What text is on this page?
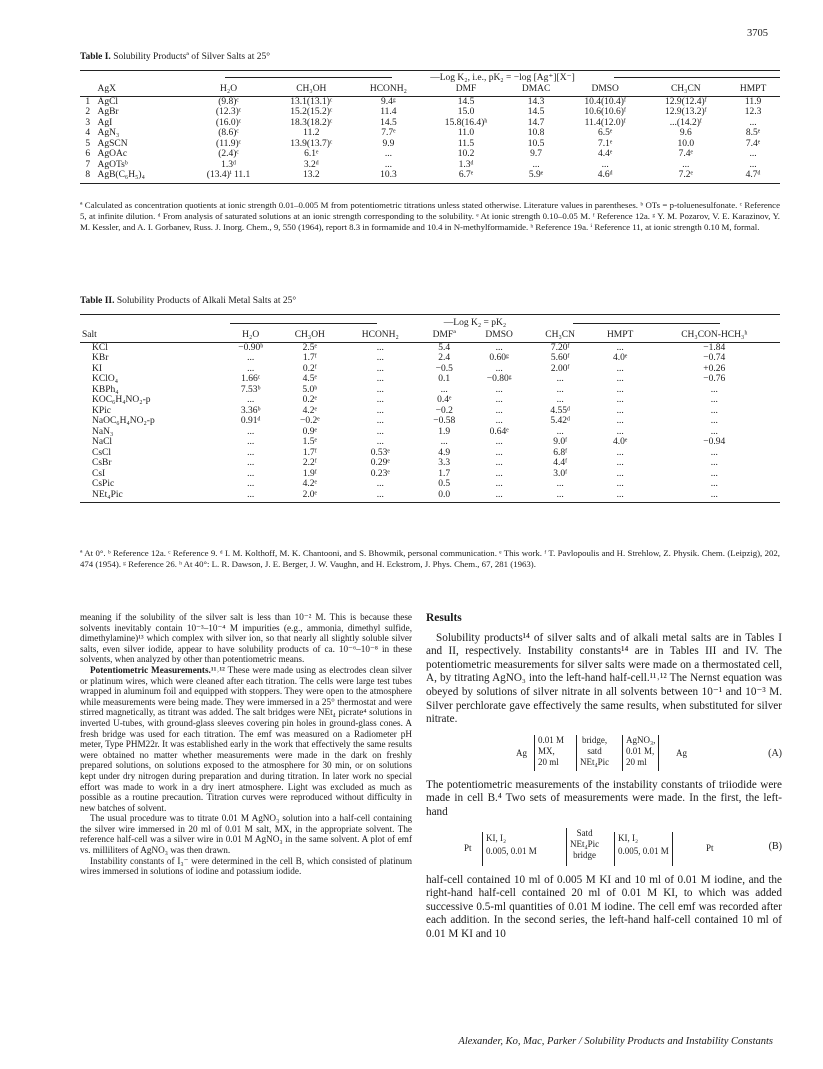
3705
Table I. Solubility Productsª of Silver Salts at 25°
—Log K₂, i.e., pK₂ = −log [Ag⁺][X⁻]
	AgX	H₂O	CH₃OH	HCONH₂	DMF	DMAC	DMSO	CH₃CN	HMPT
1	AgCl	(9.8)ᶜ	13.1(13.1)ᶜ	9.4ᵍ	14.5	14.3	10.4(10.4)ᶠ	12.9(12.4)ᶠ	11.9
2	AgBr	(12.3)ᶜ	15.2(15.2)ᶜ	11.4	15.0	14.5	10.6(10.6)ᶠ	12.9(13.2)ᶠ	12.3
3	AgI	(16.0)ᶜ	18.3(18.2)ᶜ	14.5	15.8(16.4)ʰ	14.7	11.4(12.0)ᶠ	...(14.2)ᶠ	...
4	AgN₃	(8.6)ᶜ	11.2	7.7ᵉ	11.0	10.8	6.5ᵉ	9.6	8.5ᵉ
5	AgSCN	(11.9)ᶜ	13.9(13.7)ᶜ	9.9	11.5	10.5	7.1ᵉ	10.0	7.4ᵉ
6	AgOAc	(2.4)ᶜ	6.1ᵉ	...	10.2	9.7	4.4ᵉ	7.4ᵉ	...
7	AgOTsᵇ	1.3ᵈ	3.2ᵈ	...	1.3ᵈ	...	...	...	...
8	AgB(C₆H₅)₄	(13.4)ⁱ 11.1	13.2	10.3	6.7ᵉ	5.9ᵉ	4.6ᵈ	7.2ᵉ	4.7ᵈ
ª Calculated as concentration quotients at ionic strength 0.01–0.005 M from potentiometric titrations unless stated otherwise. Literature values in parentheses. ᵇ OTs = p-toluenesulfonate. ᶜ Reference 5, at infinite dilution. ᵈ From analysis of saturated solutions at an ionic strength corresponding to the solubility. ᵉ At ionic strength 0.10–0.05 M. ᶠ Reference 12a. ᵍ Y. M. Pozarov, V. E. Karazinov, Y. M. Kessler, and A. I. Gorbanev, Russ. J. Inorg. Chem., 9, 550 (1964), report 8.3 in formamide and 10.4 in N-methylformamide. ʰ Reference 19a. ⁱ Reference 11, at ionic strength 0.10 M, formal.
Table II. Solubility Products of Alkali Metal Salts at 25°
—Log K₂ = pK₂
Salt	H₂O	CH₃OH	HCONH₂	DMFª	DMSO	CH₃CN	HMPT	CH₃CON-HCH₃ʰ
KCl	−0.90ᵇ	2.5ᵉ	...	5.4	...	7.20ᶠ	...	−1.84
KBr	...	1.7ᶠ	...	2.4	0.60ᵍ	5.60ᶠ	4.0ᵉ	−0.74
KI	...	0.2ᶠ	...	−0.5	...	2.00ᶠ	...	+0.26
KClO₄	1.66ᶜ	4.5ᵉ	...	0.1	−0.80ᵍ	...	...	−0.76
KBPh₄	7.53ᵇ	5.0ᵇ	...	...	...	...	...	...
KOC₆H₄NO₂-p	...	0.2ᵉ	...	0.4ᵉ	...	...	...	...
KPic	3.36ᵇ	4.2ᵉ	...	−0.2	...	4.55ᵈ	...	...
NaOC₆H₄NO₂-p	0.91ᵈ	−0.2ᵉ	...	−0.58	...	5.42ᵈ	...	...
NaN₃	...	0.9ᵉ	...	1.9	0.64ᵉ	...	...	...
NaCl	...	1.5ᵉ	...	...	...	9.0ᶠ	4.0ᵉ	−0.94
CsCl	...	1.7ᶠ	0.53ᵉ	4.9	...	6.8ᶠ	...	...
CsBr	...	2.2ᶠ	0.29ᵉ	3.3	...	4.4ᶠ	...	...
CsI	...	1.9ᶠ	0.23ᵉ	1.7	...	3.0ᶠ	...	...
CsPic	...	4.2ᵉ	...	0.5	...	...	...	...
NEt₄Pic	...	2.0ᵉ	...	0.0	...	...	...	...
ª At 0°. ᵇ Reference 12a. ᶜ Reference 9. ᵈ I. M. Kolthoff, M. K. Chantooni, and S. Bhowmik, personal communication. ᵉ This work. ᶠ T. Pavlopoulis and H. Strehlow, Z. Physik. Chem. (Leipzig), 202, 474 (1954). ᵍ Reference 26. ʰ At 40°: L. R. Dawson, J. E. Berger, J. W. Vaughn, and H. Eckstrom, J. Phys. Chem., 67, 281 (1963).

meaning if the solubility of the silver salt is less than 10⁻² M. This is because these solvents inevitably contain 10⁻³–10⁻⁴ M impurities (e.g., ammonia, dimethyl sulfide, dimethylamine)¹³ which complex with silver ion, so that nearly all slightly soluble silver salts, even silver iodide, appear to have solubility products of ca. 10⁻⁶–10⁻⁸ in these solvents, when analyzed by other than potentiometric means.

Potentiometric Measurements.¹¹˒¹² These were made using as electrodes clean silver or platinum wires, which were cleaned after each titration. The cells were large test tubes wrapped in aluminum foil and equipped with stoppers. They were open to the atmosphere while measurements were being made. They were immersed in a 25° thermostat and were stirred magnetically, as titrant was added. The salt bridges were NEt₄ picrate⁴ solutions in inverted U-tubes, with ground-glass sleeves covering pin holes in ground-glass cones. A fresh bridge was used for each titration. The emf was measured on a Radiometer pH meter, Type PHM22r. It was established early in the work that effectively the same results were obtained no matter whether measurements were made in the dark on freshly prepared solutions, on solutions exposed to the atmosphere for 30 min, or on solutions kept under dry nitrogen during preparation and during titration. In later work no special effort was made to work in a dry inert atmosphere. Light was excluded as much as possible as a routine precaution. Titration curves were reproduced without difficulty in new batches of solvent.

The usual procedure was to titrate 0.01 M AgNO₃ solution into a half-cell containing the silver wire immersed in 20 ml of 0.01 M salt, MX, in the appropriate solvent. The reference half-cell was a silver wire in 0.01 M AgNO₃ in the same solvent. A plot of emf vs. milliliters of AgNO₃ was then drawn.

Instability constants of I₃⁻ were determined in the cell B, which consisted of platinum wires immersed in solutions of iodine and potassium iodide.

Results

Solubility products¹⁴ of silver salts and of alkali metal salts are in Tables I and II, respectively. Instability constants¹⁴ are in Tables III and IV. The potentiometric measurements for silver salts were made on a thermostated cell, A, by titrating AgNO₃ into the left-hand half-cell.¹¹˒¹² The Nernst equation was obeyed by solutions of silver nitrate in all solvents between 10⁻¹ and 10⁻³ M. Silver perchlorate gave effectively the same results, when substituted for silver nitrate.

Ag
0.01 M
MX,
20 ml
bridge,
satd
NEt₄Pic
AgNO₃,
0.01 M,
20 ml
Ag	(A)

The potentiometric measurements of the instability constants of triiodide were made in cell B.⁴ Two sets of measurements were made. In the first, the left-hand

Pt
KI, I₂
0.005, 0.01 M
Satd
NEt₄Pic
bridge
KI, I₂
0.005, 0.01 M	Pt	(B)

half-cell contained 10 ml of 0.005 M KI and 10 ml of 0.01 M iodine, and the right-hand half-cell contained 20 ml of 0.01 M KI, to which was added successive 0.5-ml quantities of 0.01 M iodine. The cell emf was recorded after each addition. In the second series, the left-hand half-cell contained 10 ml of 0.01 M KI and 10

Alexander, Ko, Mac, Parker / Solubility Products and Instability Constants
